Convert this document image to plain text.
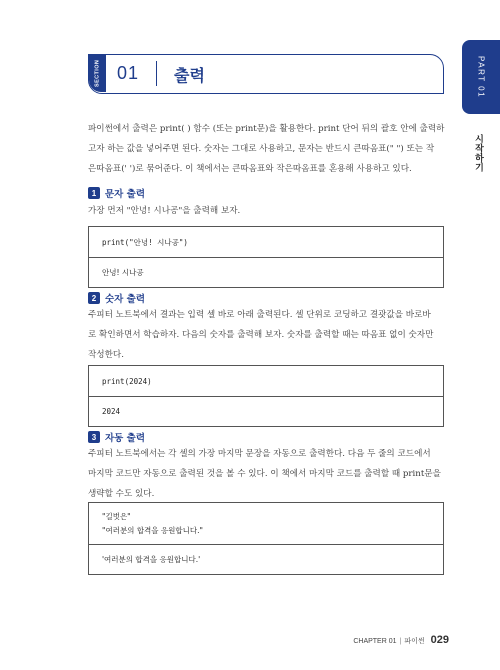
PART 01
시작하기
SECTION 01 출력
파이썬에서 출력은 print( ) 함수 (또는 print문)을 활용한다. print 단어 뒤의 괄호 안에 출력하
고자 하는 값을 넣어주면 된다. 숫자는 그대로 사용하고, 문자는 반드시 큰따옴표(" ") 또는 작
은따옴표(' ')로 묶어준다. 이 책에서는 큰따옴표와 작은따옴표를 혼용해 사용하고 있다.
1 문자 출력
가장 먼저 "안녕! 시나공"을 출력해 보자.
print("안녕! 시나공")
안녕! 시나공
2 숫자 출력
주피터 노트북에서 결과는 입력 셀 바로 아래 출력된다. 셀 단위로 코딩하고 결괏값을 바로바
로 확인하면서 학습하자. 다음의 숫자를 출력해 보자. 숫자를 출력할 때는 따옴표 없이 숫자만
작성한다.
print(2024)
2024
3 자동 출력
주피터 노트북에서는 각 셀의 가장 마지막 문장을 자동으로 출력한다. 다음 두 줄의 코드에서
마지막 코드만 자동으로 출력된 것을 볼 수 있다. 이 책에서 마지막 코드를 출력할 때 print문을
생략할 수도 있다.
"길벗은"
"여러분의 합격을 응원합니다."
'여러분의 합격을 응원합니다.'
CHAPTER 01 | 파이썬 029
